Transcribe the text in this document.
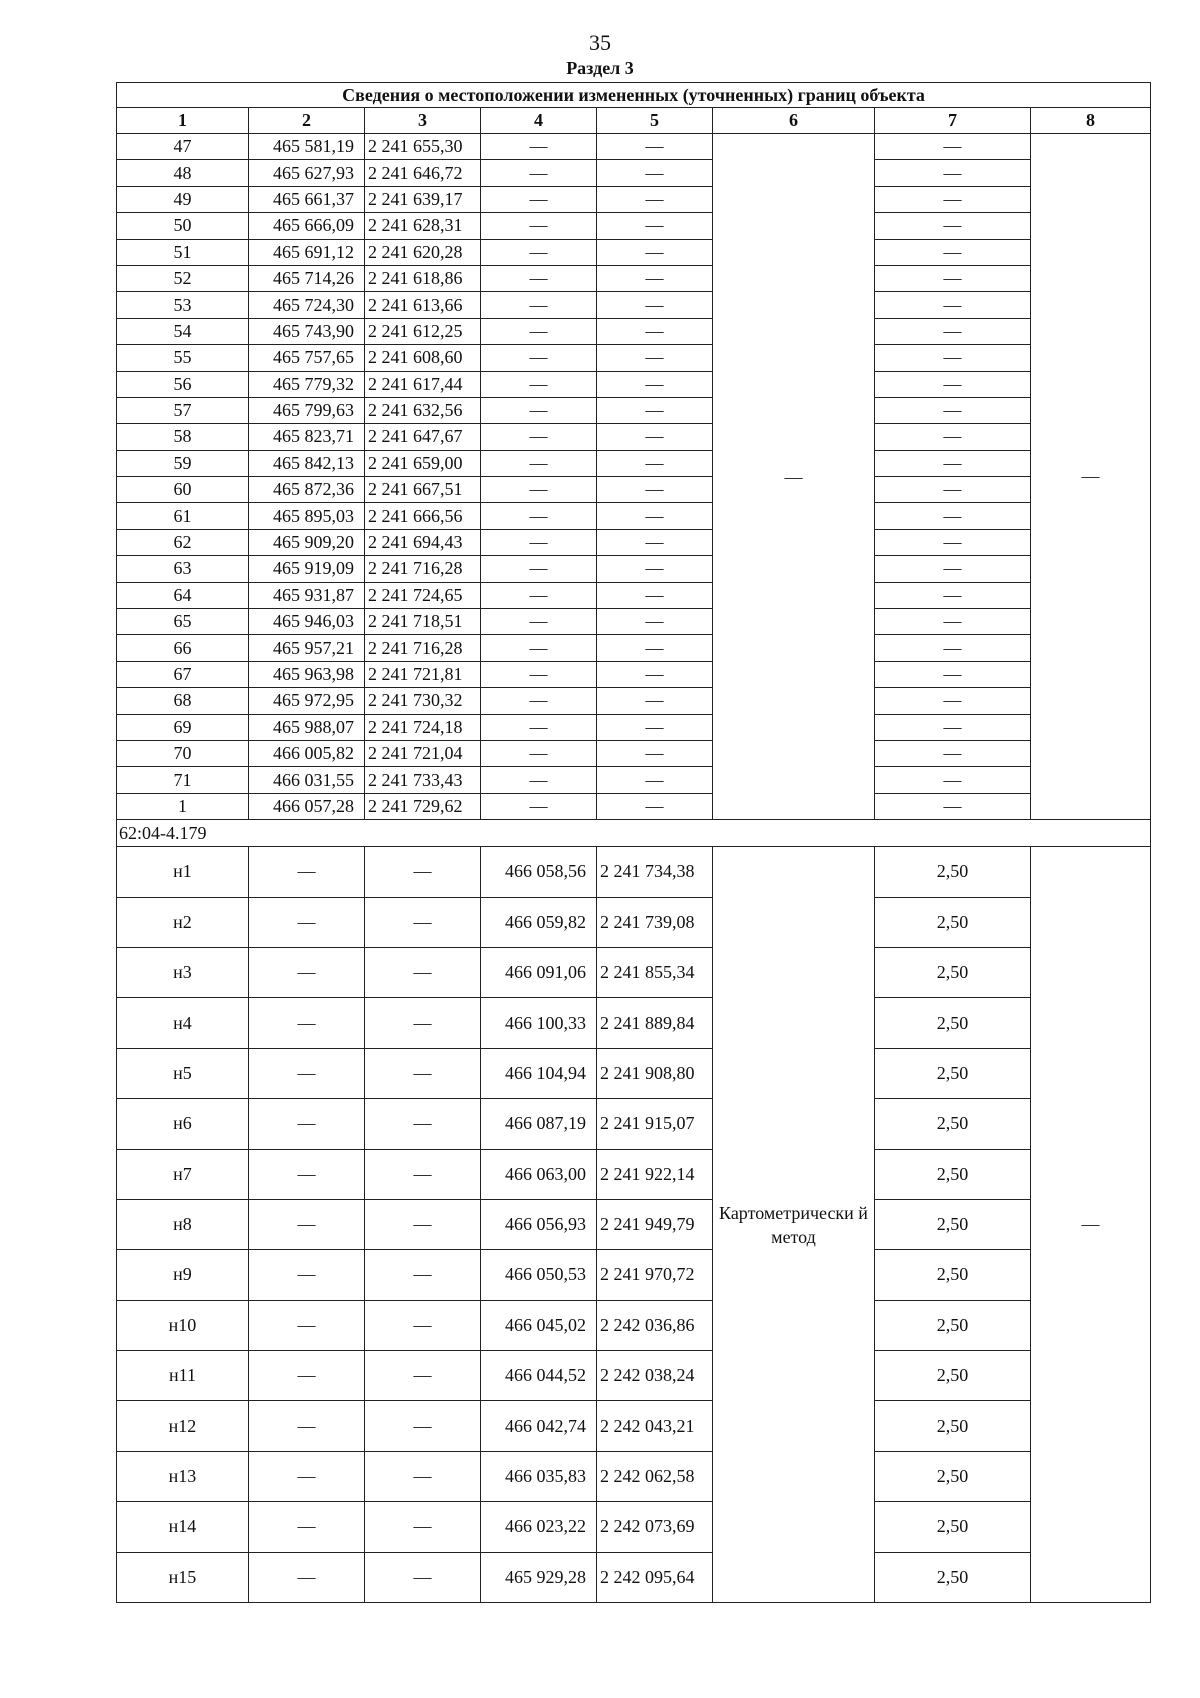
35
Раздел 3
Сведения о местоположении измененных (уточненных) границ объекта							
1	2	3	4	5	6	7	8
47	465 581,19	2 241 655,30	—	—	—	—	—
48	465 627,93	2 241 646,72	—	—		—	
49	465 661,37	2 241 639,17	—	—		—	
50	465 666,09	2 241 628,31	—	—		—	
51	465 691,12	2 241 620,28	—	—		—	
52	465 714,26	2 241 618,86	—	—		—	
53	465 724,30	2 241 613,66	—	—		—	
54	465 743,90	2 241 612,25	—	—		—	
55	465 757,65	2 241 608,60	—	—		—	
56	465 779,32	2 241 617,44	—	—		—	
57	465 799,63	2 241 632,56	—	—		—	
58	465 823,71	2 241 647,67	—	—		—	
59	465 842,13	2 241 659,00	—	—		—	
60	465 872,36	2 241 667,51	—	—		—	
61	465 895,03	2 241 666,56	—	—		—	
62	465 909,20	2 241 694,43	—	—		—	
63	465 919,09	2 241 716,28	—	—		—	
64	465 931,87	2 241 724,65	—	—		—	
65	465 946,03	2 241 718,51	—	—		—	
66	465 957,21	2 241 716,28	—	—		—	
67	465 963,98	2 241 721,81	—	—		—	
68	465 972,95	2 241 730,32	—	—		—	
69	465 988,07	2 241 724,18	—	—		—	
70	466 005,82	2 241 721,04	—	—		—	
71	466 031,55	2 241 733,43	—	—		—	
1	466 057,28	2 241 729,62	—	—		—	
62:04-4.179							
н1	—	—	466 058,56	2 241 734,38	Картометрически й метод	2,50	—
н2	—	—	466 059,82	2 241 739,08		2,50	
н3	—	—	466 091,06	2 241 855,34		2,50	
н4	—	—	466 100,33	2 241 889,84		2,50	
н5	—	—	466 104,94	2 241 908,80		2,50	
н6	—	—	466 087,19	2 241 915,07		2,50	
н7	—	—	466 063,00	2 241 922,14		2,50	
н8	—	—	466 056,93	2 241 949,79		2,50	
н9	—	—	466 050,53	2 241 970,72		2,50	
н10	—	—	466 045,02	2 242 036,86		2,50	
н11	—	—	466 044,52	2 242 038,24		2,50	
н12	—	—	466 042,74	2 242 043,21		2,50	
н13	—	—	466 035,83	2 242 062,58		2,50	
н14	—	—	466 023,22	2 242 073,69		2,50	
н15	—	—	465 929,28	2 242 095,64		2,50	
